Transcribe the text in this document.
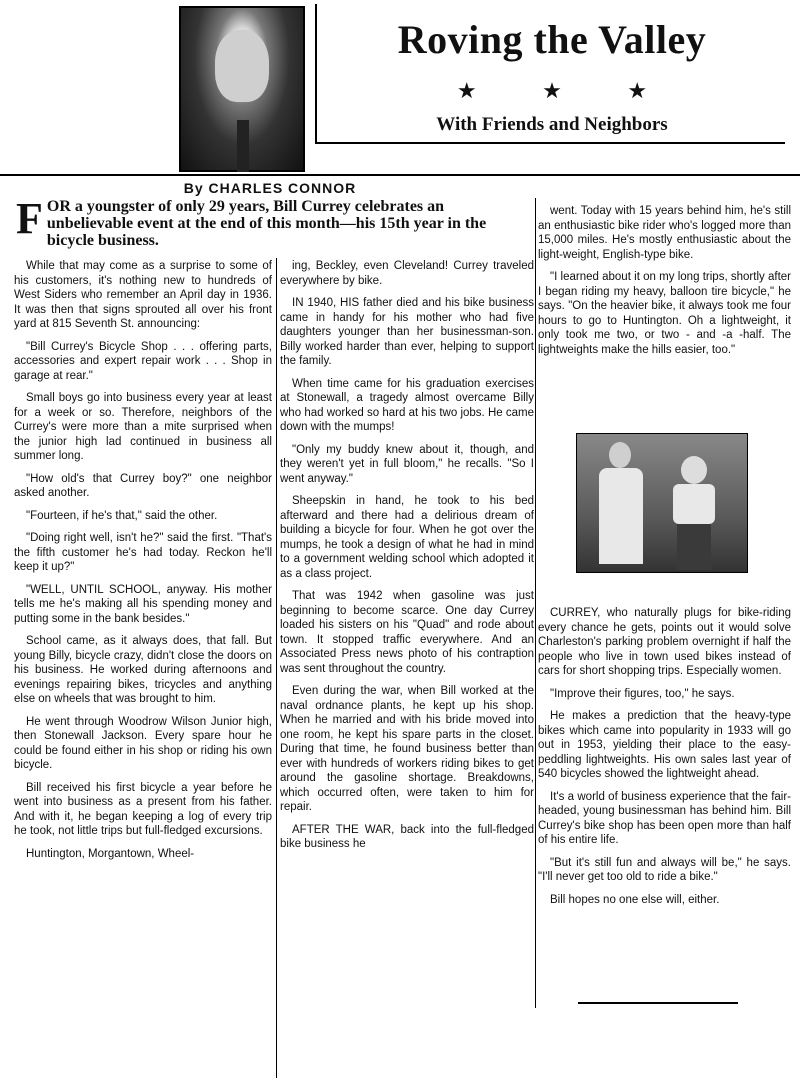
Roving the Valley
★ ★ ★
With Friends and Neighbors
By CHARLES CONNOR
FOR a youngster of only 29 years, Bill Currey celebrates an unbelievable event at the end of this month—his 15th year in the bicycle business.

While that may come as a surprise to some of his customers, it's nothing new to hundreds of West Siders who remember an April day in 1936. It was then that signs sprouted all over his front yard at 815 Seventh St. announcing:

"Bill Currey's Bicycle Shop . . . offering parts, accessories and expert repair work . . . Shop in garage at rear."

Small boys go into business every year at least for a week or so. Therefore, neighbors of the Currey's were more than a mite surprised when the junior high lad continued in business all summer long.

"How old's that Currey boy?" one neighbor asked another.

"Fourteen, if he's that," said the other.

"Doing right well, isn't he?" said the first. "That's the fifth customer he's had today. Reckon he'll keep it up?"

"WELL, UNTIL SCHOOL, anyway. His mother tells me he's making all his spending money and putting some in the bank besides."

School came, as it always does, that fall. But young Billy, bicycle crazy, didn't close the doors on his business. He worked during afternoons and evenings repairing bikes, tricycles and anything else on wheels that was brought to him.

He went through Woodrow Wilson Junior high, then Stonewall Jackson. Every spare hour he could be found either in his shop or riding his own bicycle.

Bill received his first bicycle a year before he went into business as a present from his father. And with it, he began keeping a log of every trip he took, not little trips but full-fledged excursions.

Huntington, Morgantown, Wheel-

ing, Beckley, even Cleveland! Currey traveled everywhere by bike.

IN 1940, HIS father died and his bike business came in handy for his mother who had five daughters younger than her businessman-son. Billy worked harder than ever, helping to support the family.

When time came for his graduation exercises at Stonewall, a tragedy almost overcame Billy who had worked so hard at his two jobs. He came down with the mumps!

"Only my buddy knew about it, though, and they weren't yet in full bloom," he recalls. "So I went anyway."

Sheepskin in hand, he took to his bed afterward and there had a delirious dream of building a bicycle for four. When he got over the mumps, he took a design of what he had in mind to a government welding school which adopted it as a class project.

That was 1942 when gasoline was just beginning to become scarce. One day Currey loaded his sisters on his "Quad" and rode about town. It stopped traffic everywhere. And an Associated Press news photo of his contraption was sent throughout the country.

Even during the war, when Bill worked at the naval ordnance plants, he kept up his shop. When he married and with his bride moved into one room, he kept his spare parts in the closet. During that time, he found business better than ever with hundreds of workers riding bikes to get around the gasoline shortage. Breakdowns, which occurred often, were taken to him for repair.

AFTER THE WAR, back into the full-fledged bike business he

went. Today with 15 years behind him, he's still an enthusiastic bike rider who's logged more than 15,000 miles. He's mostly enthusiastic about the light-weight, English-type bike.

"I learned about it on my long trips, shortly after I began riding my heavy, balloon tire bicycle," he says. "On the heavier bike, it always took me four hours to go to Huntington. Oh a lightweight, it only took me two, or two - and -a -half. The lightweights make the hills easier, too."

CURREY, who naturally plugs for bike-riding every chance he gets, points out it would solve Charleston's parking problem overnight if half the people who live in town used bikes instead of cars for short shopping trips. Especially women.

"Improve their figures, too," he says.

He makes a prediction that the heavy-type bikes which came into popularity in 1933 will go out in 1953, yielding their place to the easy-peddling lightweights. His own sales last year of 540 bicycles showed the lightweight ahead.

It's a world of business experience that the fair-headed, young businessman has behind him. Bill Currey's bike shop has been open more than half of his entire life.

"But it's still fun and always will be," he says. "I'll never get too old to ride a bike."

Bill hopes no one else will, either.
